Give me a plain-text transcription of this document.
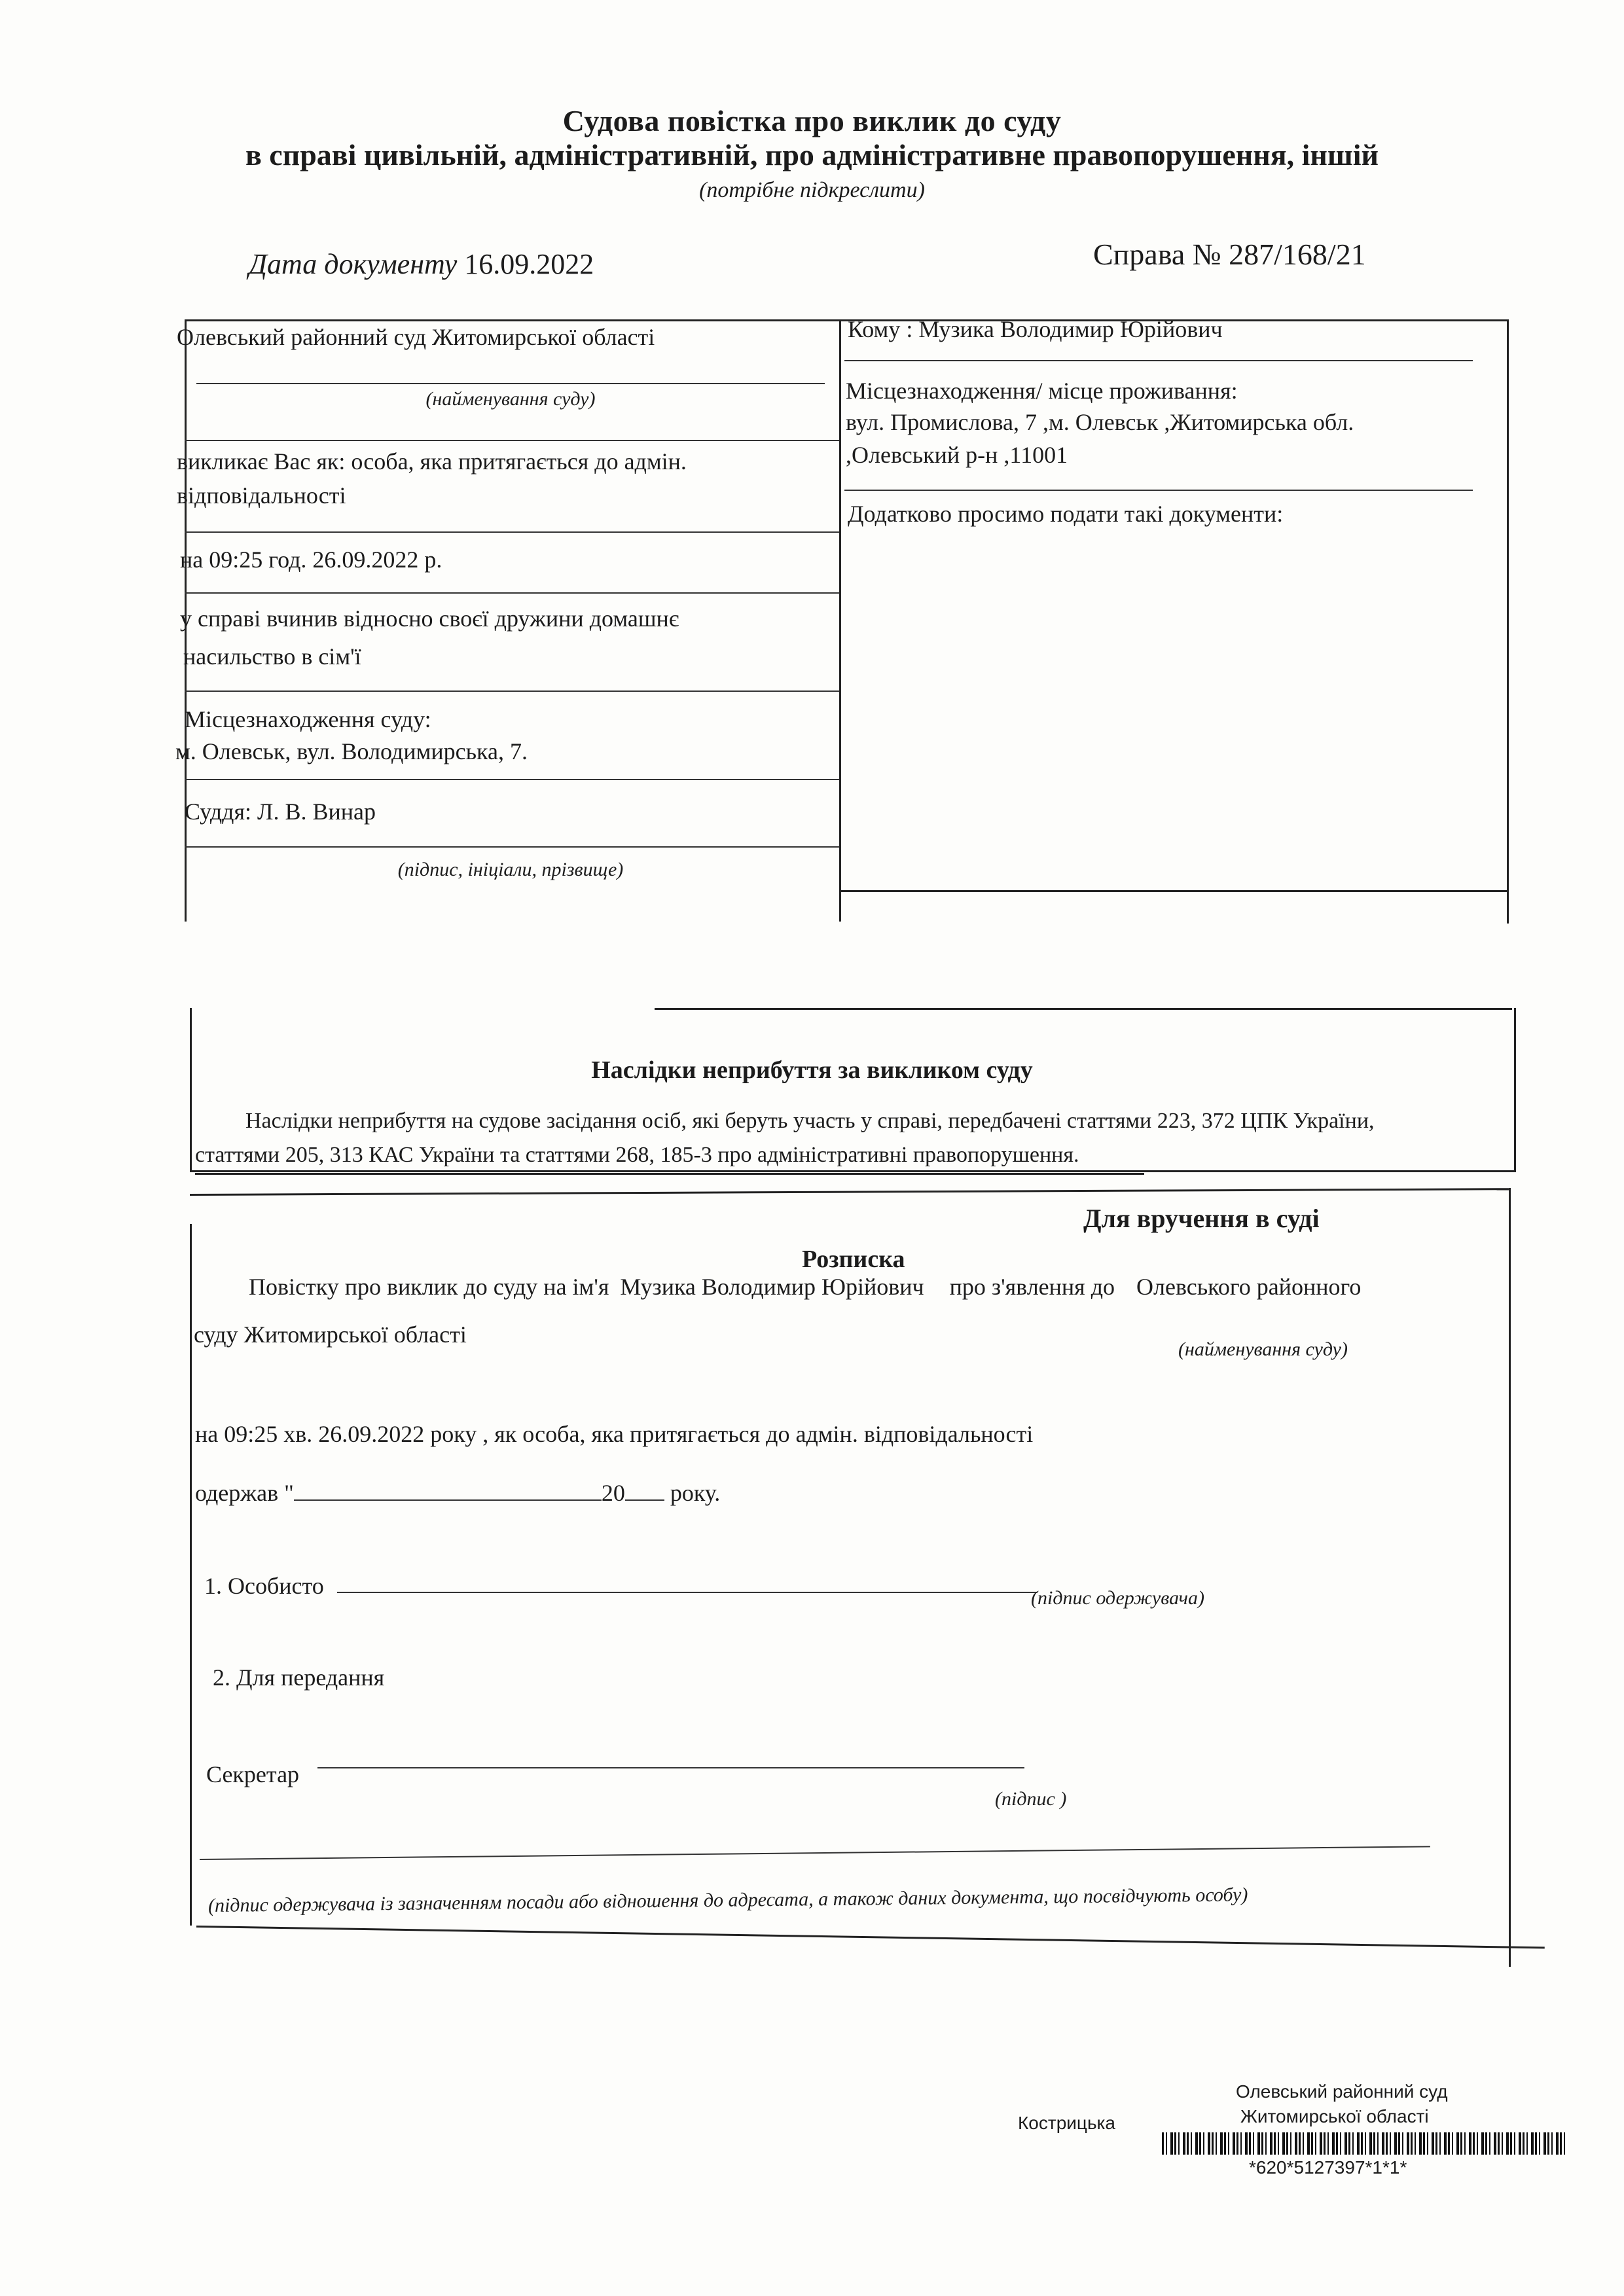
Судова повістка про виклик до суду
в справі цивільній, адміністративній, про адміністративне правопорушення, іншій
(потрібне підкреслити)
Дата документу 16.09.2022	Справа № 287/168/21
Олевський районний суд Житомирської області
(найменування суду)
викликає Вас як: особа, яка притягається до адмін.
відповідальності
на 09:25 год. 26.09.2022 р.
у справі вчинив відносно своєї дружини домашнє
насильство в сім'ї
Місцезнаходження суду:
м. Олевськ, вул. Володимирська, 7.
Суддя: Л. В. Винар
(підпис, ініціали, прізвище)
Кому : Музика Володимир Юрійович
Місцезнаходження/ місце проживання:
вул. Промислова, 7 ,м. Олевськ ,Житомирська обл.
,Олевський р-н ,11001
Додатково просимо подати такі документи:
Наслідки неприбуття за викликом суду
Наслідки неприбуття на судове засідання осіб, які беруть участь у справі, передбачені статтями 223, 372 ЦПК України,
статтями 205, 313 КАС України та статтями 268, 185-3 про адміністративні правопорушення.
Для вручення в суді
Розписка
Повістку про виклик до суду на ім'я Музика Володимир Юрійович про з'явлення до Олевського районного
суду Житомирської області
(найменування суду)
на 09:25 хв. 26.09.2022 року , як особа, яка притягається до адмін. відповідальності
одержав "	20 року.
1. Особисто	(підпис одержувача)
2. Для передання
Секретар
(підпис )
(підпис одержувача із зазначенням посади або відношення до адресата, а також даних документа, що посвідчують особу)
Олевський районний суд
Житомирської області
Кострицька
*620*5127397*1*1*
